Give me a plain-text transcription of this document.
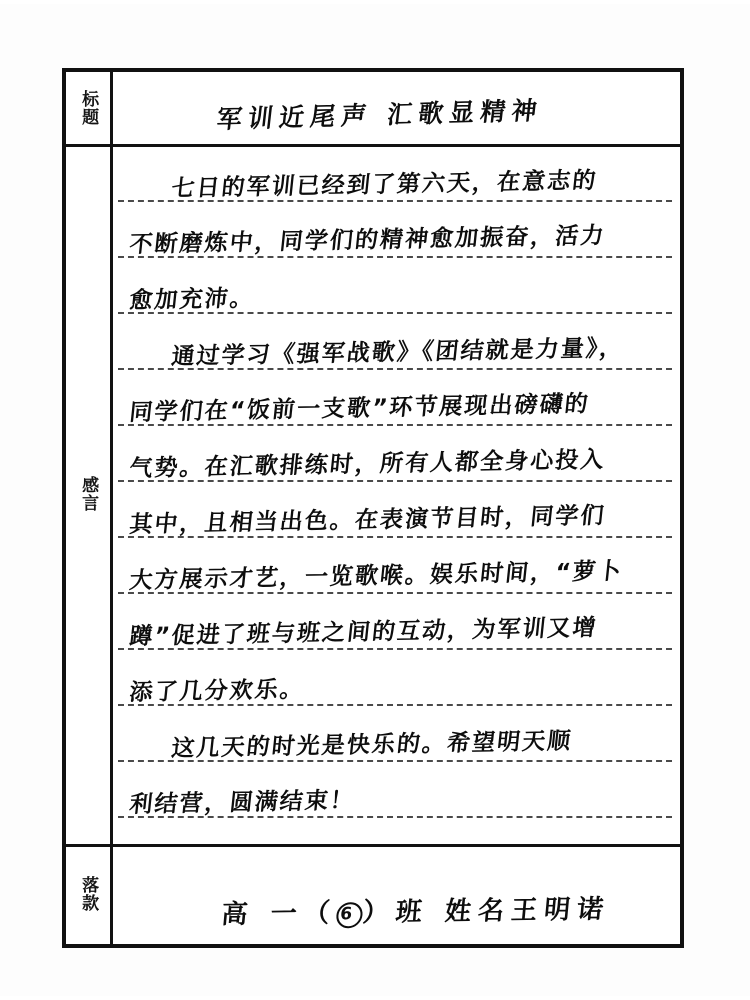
标题
感言
落款
军训近尾声 汇歌显精神
七日的军训已经到了第六天，在意志的
不断磨炼中，同学们的精神愈加振奋，活力
愈加充沛。
通过学习《强军战歌》《团结就是力量》，
同学们在“饭前一支歌”环节展现出磅礴的
气势。在汇歌排练时，所有人都全身心投入
其中，且相当出色。在表演节目时，同学们
大方展示才艺，一览歌喉。娱乐时间，“萝卜
蹲”促进了班与班之间的互动，为军训又增
添了几分欢乐。
这几天的时光是快乐的。希望明天顺
利结营，圆满结束！
高 一（6）班 姓名王明诺
